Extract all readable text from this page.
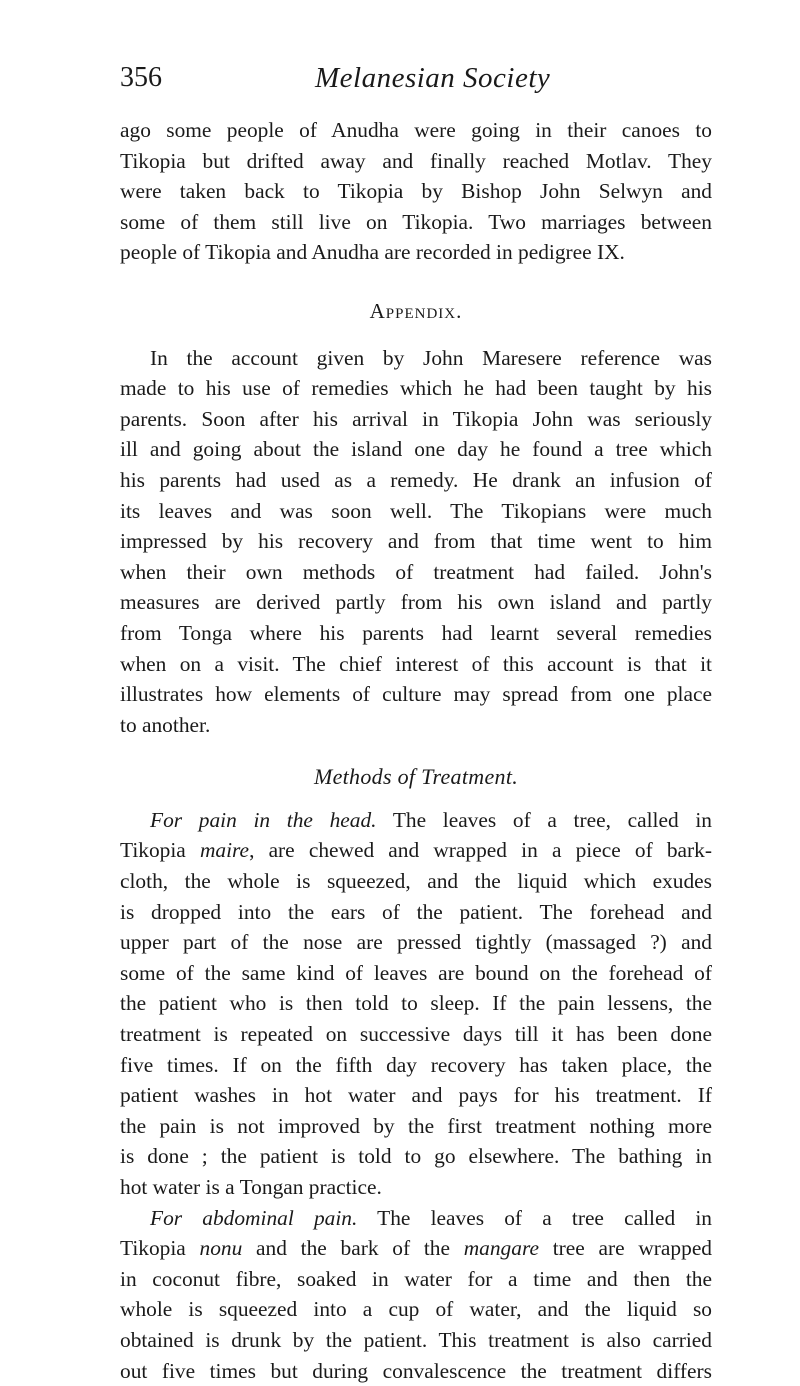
356	Melanesian Society

ago some people of Anudha were going in their canoes to

Tikopia but drifted away and finally reached Motlav. They

were taken back to Tikopia by Bishop John Selwyn and

some of them still live on Tikopia. Two marriages between

people of Tikopia and Anudha are recorded in pedigree IX.

Appendix.

In the account given by John Maresere reference was

made to his use of remedies which he had been taught by his

parents. Soon after his arrival in Tikopia John was seriously

ill and going about the island one day he found a tree which

his parents had used as a remedy. He drank an infusion of

its leaves and was soon well. The Tikopians were much

impressed by his recovery and from that time went to him

when their own methods of treatment had failed. John's

measures are derived partly from his own island and partly

from Tonga where his parents had learnt several remedies

when on a visit. The chief interest of this account is that it

illustrates how elements of culture may spread from one place

to another.

Methods of Treatment.

For pain in the head. The leaves of a tree, called in

Tikopia maire, are chewed and wrapped in a piece of bark-

cloth, the whole is squeezed, and the liquid which exudes

is dropped into the ears of the patient. The forehead and

upper part of the nose are pressed tightly (massaged ?) and

some of the same kind of leaves are bound on the forehead of

the patient who is then told to sleep. If the pain lessens, the

treatment is repeated on successive days till it has been done

five times. If on the fifth day recovery has taken place, the

patient washes in hot water and pays for his treatment. If

the pain is not improved by the first treatment nothing more

is done ; the patient is told to go elsewhere. The bathing in

hot water is a Tongan practice.

For abdominal pain. The leaves of a tree called in

Tikopia nonu and the bark of the mangare tree are wrapped

in coconut fibre, soaked in water for a time and then the

whole is squeezed into a cup of water, and the liquid so

obtained is drunk by the patient. This treatment is also carried

out five times but during convalescence the treatment differs
